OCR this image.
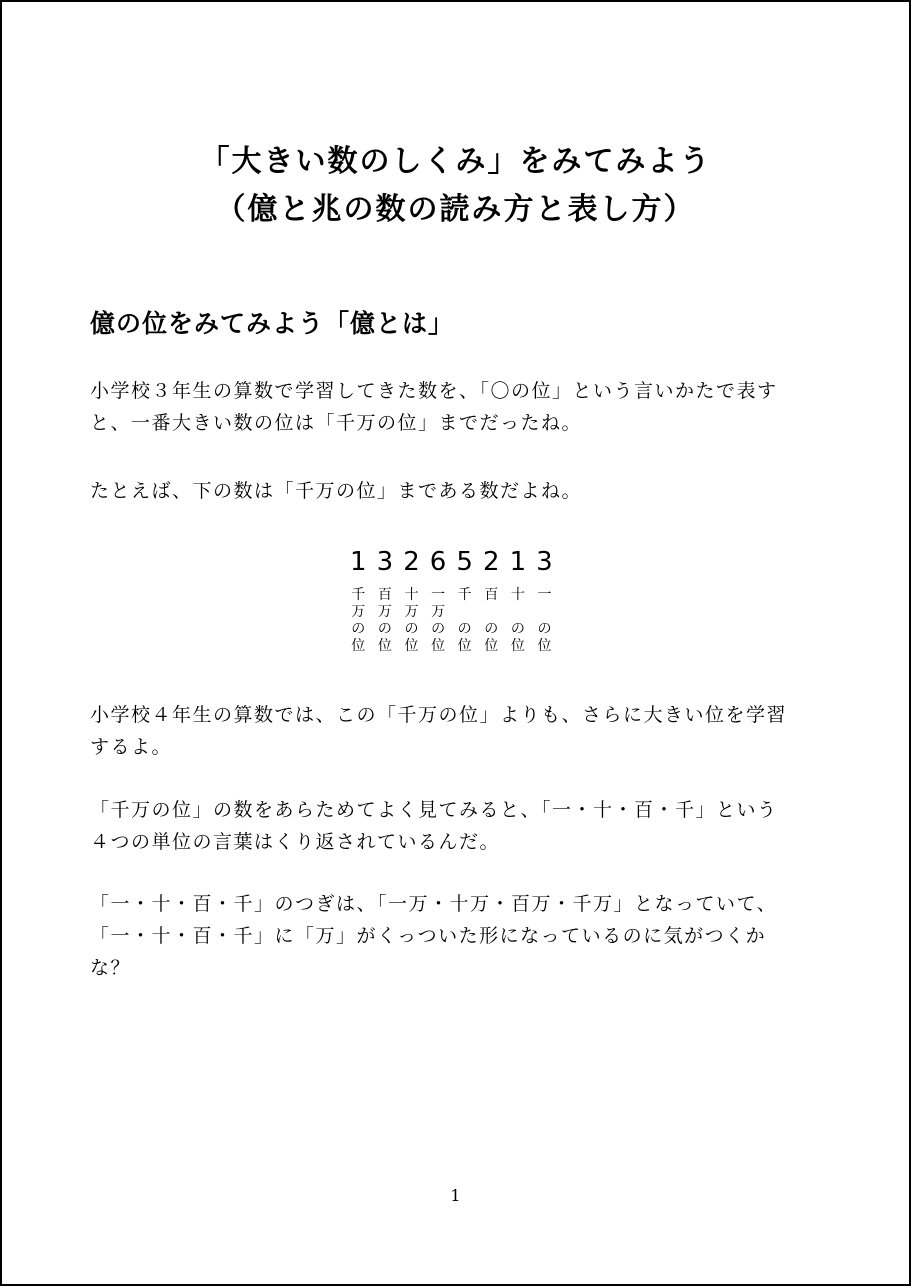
「大きい数のしくみ」をみてみよう
（億と兆の数の読み方と表し方）
億の位をみてみよう「億とは」
小学校３年生の算数で学習してきた数を、「〇の位」という言いかたで表す
と、一番大きい数の位は「千万の位」までだったね。
たとえば、下の数は「千万の位」まである数だよね。
1 3 2 6 5 2 1 3
千
万
の
位
百
万
の
位
十
万
の
位
一
万
の
位
千
の
位
百
の
位
十
の
位
一
の
位
小学校４年生の算数では、この「千万の位」よりも、さらに大きい位を学習
するよ。
「千万の位」の数をあらためてよく見てみると、「一・十・百・千」という
４つの単位の言葉はくり返されているんだ。
「一・十・百・千」のつぎは、「一万・十万・百万・千万」となっていて、
「一・十・百・千」に「万」がくっついた形になっているのに気がつくか
な？
1
